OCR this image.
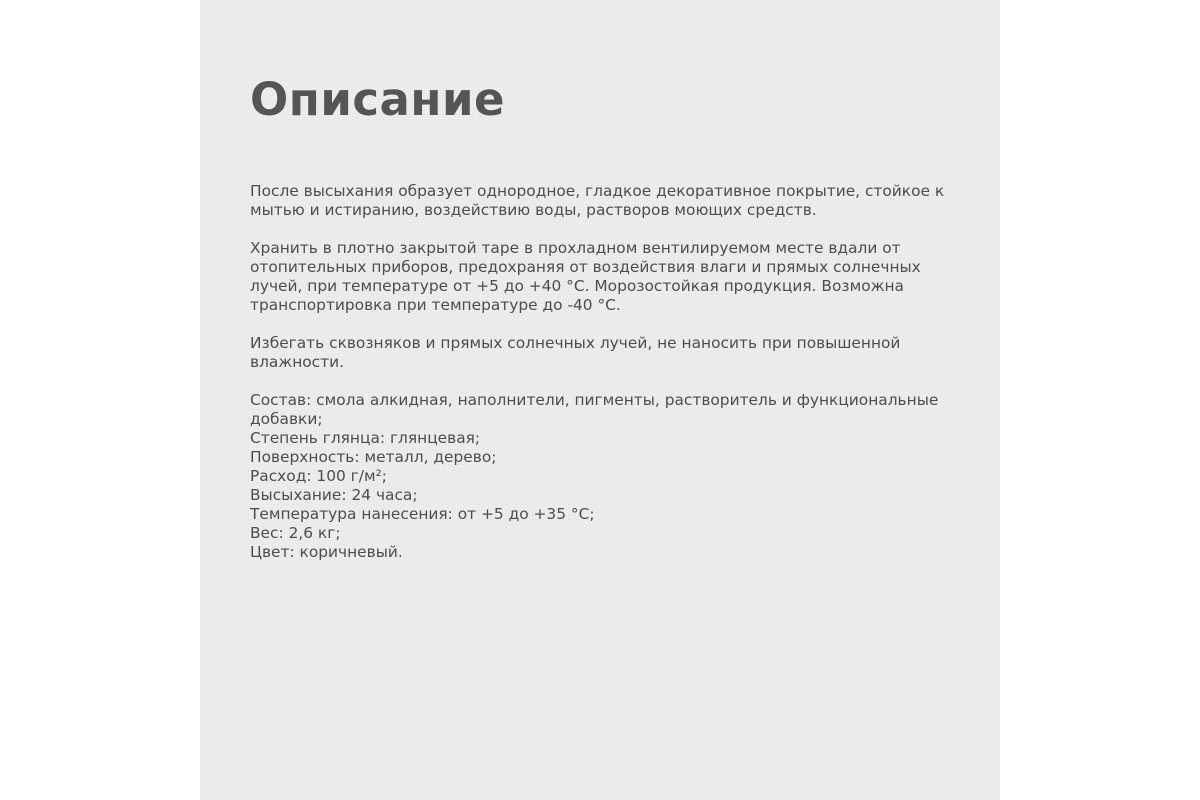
Описание

После высыхания образует однородное, гладкое декоративное покрытие, стойкое к
мытью и истиранию, воздействию воды, растворов моющих средств.

Хранить в плотно закрытой таре в прохладном вентилируемом месте вдали от
отопительных приборов, предохраняя от воздействия влаги и прямых солнечных
лучей, при температуре от +5 до +40 °С. Морозостойкая продукция. Возможна
транспортировка при температуре до -40 °С.

Избегать сквозняков и прямых солнечных лучей, не наносить при повышенной
влажности.

Состав: смола алкидная, наполнители, пигменты, растворитель и функциональные
добавки;
Степень глянца: глянцевая;
Поверхность: металл, дерево;
Расход: 100 г/м²;
Высыхание: 24 часа;
Температура нанесения: от +5 до +35 °С;
Вес: 2,6 кг;
Цвет: коричневый.
